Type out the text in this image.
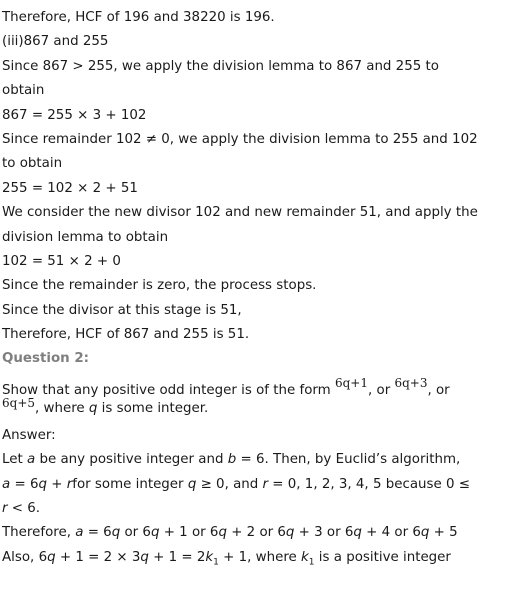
Therefore, HCF of 196 and 38220 is 196.
(iii)867 and 255
Since 867 > 255, we apply the division lemma to 867 and 255 to
obtain
867 = 255 × 3 + 102
Since remainder 102 ≠ 0, we apply the division lemma to 255 and 102
to obtain
255 = 102 × 2 + 51
We consider the new divisor 102 and new remainder 51, and apply the
division lemma to obtain
102 = 51 × 2 + 0
Since the remainder is zero, the process stops.
Since the divisor at this stage is 51,
Therefore, HCF of 867 and 255 is 51.
Question 2:
Show that any positive odd integer is of the form 6q+1, or 6q+3, or
6q+5, where q is some integer.
Answer:
Let a be any positive integer and b = 6. Then, by Euclid’s algorithm,
a = 6q + rfor some integer q ≥ 0, and r = 0, 1, 2, 3, 4, 5 because 0 ≤
r < 6.
Therefore, a = 6q or 6q + 1 or 6q + 2 or 6q + 3 or 6q + 4 or 6q + 5
Also, $6q + 1 = 2 \times 3q + 1 = 2k_1 + 1$, where $k_1$ is a positive integer
